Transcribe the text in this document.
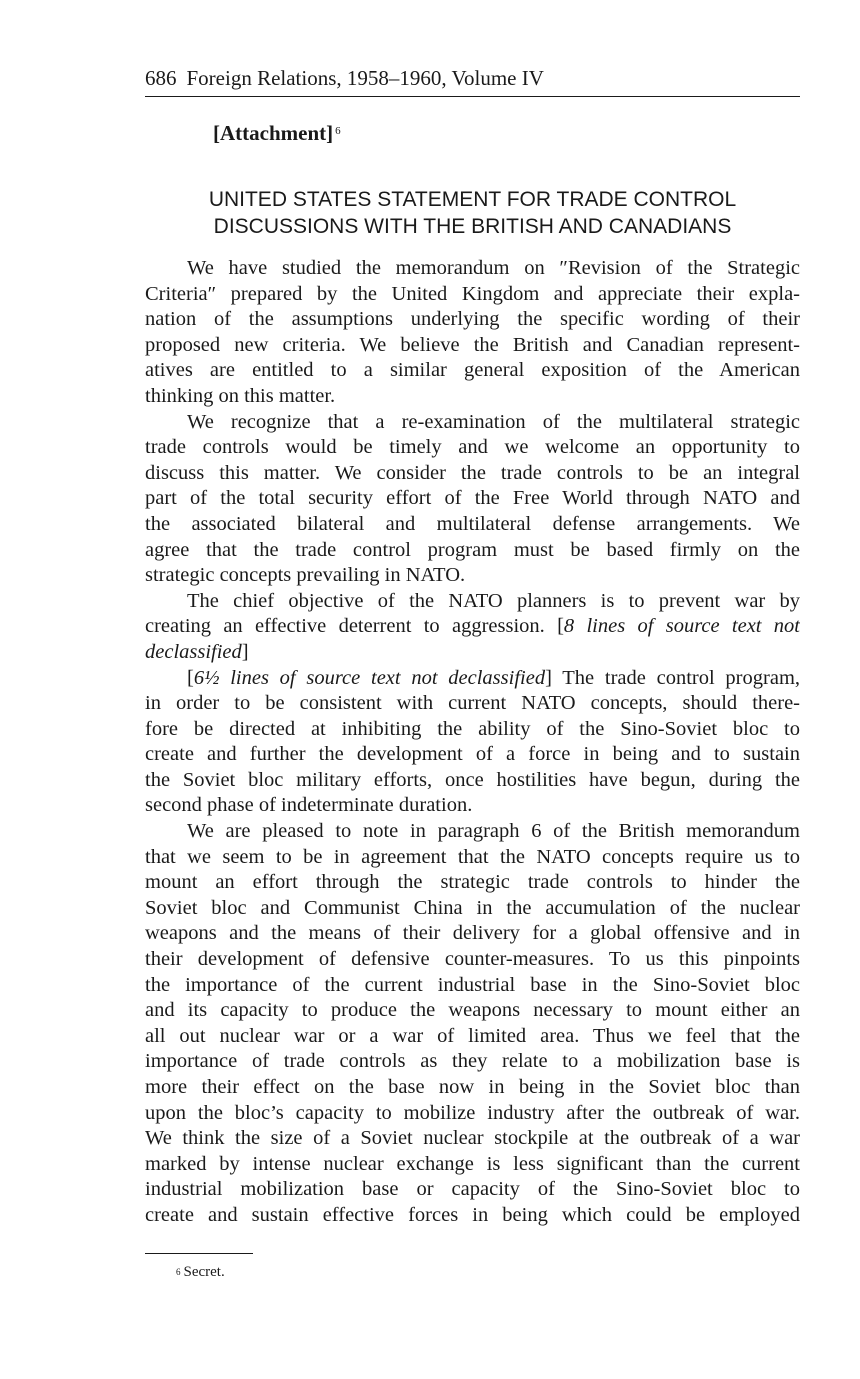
686 Foreign Relations, 1958–1960, Volume IV
[Attachment] $^6$
UNITED STATES STATEMENT FOR TRADE CONTROL
DISCUSSIONS WITH THE BRITISH AND CANADIANS
We have studied the memorandum on ″Revision of the Strategic
Criteria″ prepared by the United Kingdom and appreciate their expla-
nation of the assumptions underlying the specific wording of their
proposed new criteria. We believe the British and Canadian represent-
atives are entitled to a similar general exposition of the American
thinking on this matter.
We recognize that a re-examination of the multilateral strategic
trade controls would be timely and we welcome an opportunity to
discuss this matter. We consider the trade controls to be an integral
part of the total security effort of the Free World through NATO and
the associated bilateral and multilateral defense arrangements. We
agree that the trade control program must be based firmly on the
strategic concepts prevailing in NATO.
The chief objective of the NATO planners is to prevent war by
creating an effective deterrent to aggression. [8 lines of source text not
declassified]
[6½ lines of source text not declassified] The trade control program,
in order to be consistent with current NATO concepts, should there-
fore be directed at inhibiting the ability of the Sino-Soviet bloc to
create and further the development of a force in being and to sustain
the Soviet bloc military efforts, once hostilities have begun, during the
second phase of indeterminate duration.
We are pleased to note in paragraph 6 of the British memorandum
that we seem to be in agreement that the NATO concepts require us to
mount an effort through the strategic trade controls to hinder the
Soviet bloc and Communist China in the accumulation of the nuclear
weapons and the means of their delivery for a global offensive and in
their development of defensive counter-measures. To us this pinpoints
the importance of the current industrial base in the Sino-Soviet bloc
and its capacity to produce the weapons necessary to mount either an
all out nuclear war or a war of limited area. Thus we feel that the
importance of trade controls as they relate to a mobilization base is
more their effect on the base now in being in the Soviet bloc than
upon the bloc’s capacity to mobilize industry after the outbreak of war.
We think the size of a Soviet nuclear stockpile at the outbreak of a war
marked by intense nuclear exchange is less significant than the current
industrial mobilization base or capacity of the Sino-Soviet bloc to
create and sustain effective forces in being which could be employed
$^6$ Secret.
